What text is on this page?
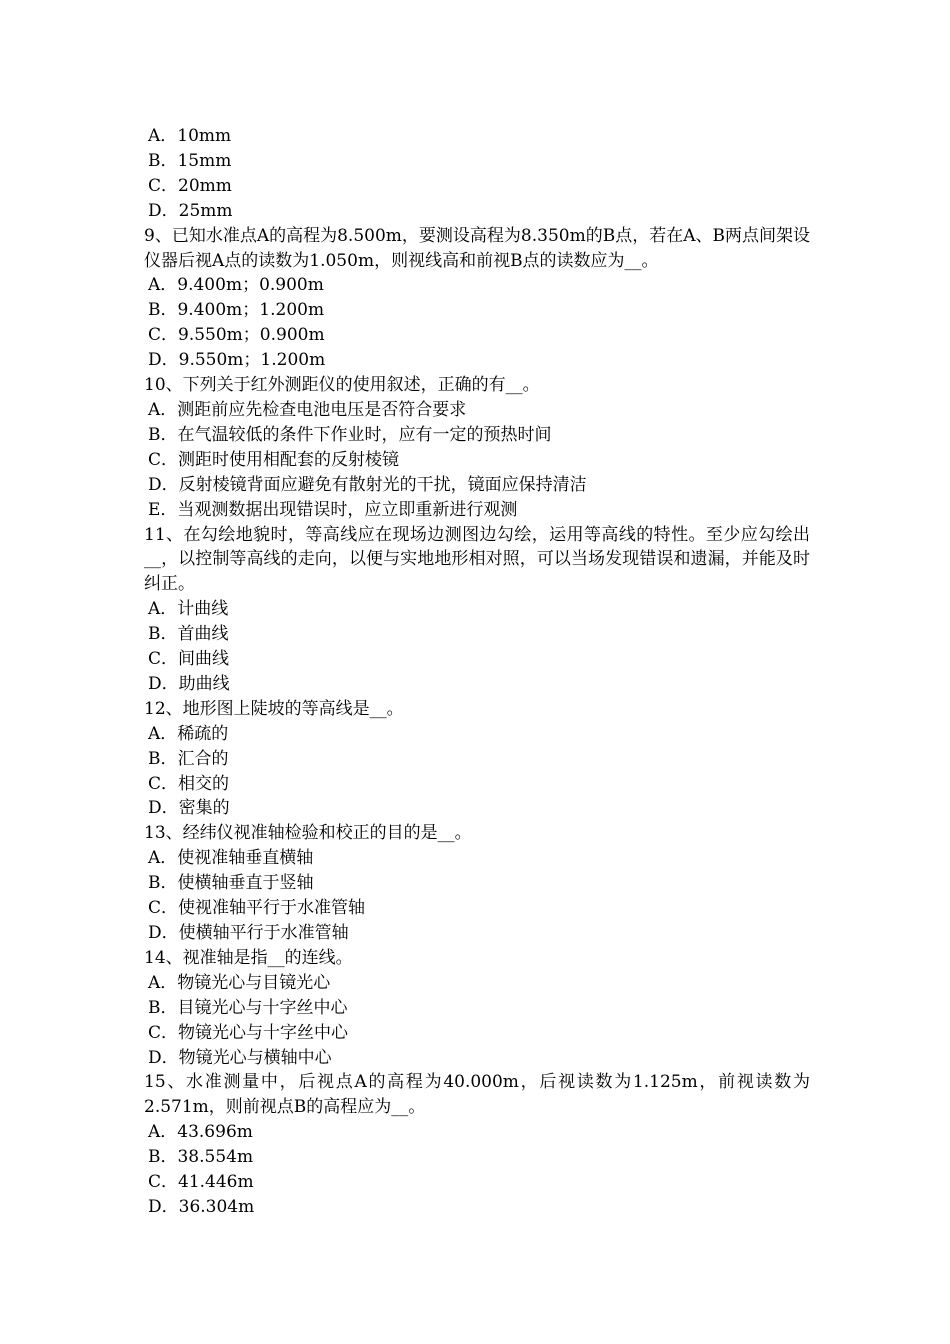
A．10mm

B．15mm

C．20mm

D．25mm

9、已知水准点A的高程为8.500m，要测设高程为8.350m的B点，若在A、B两点间架设仪器后视A点的读数为1.050m，则视线高和前视B点的读数应为__。

A．9.400m；0.900m

B．9.400m；1.200m

C．9.550m；0.900m

D．9.550m；1.200m

10、下列关于红外测距仪的使用叙述，正确的有__。

A．测距前应先检查电池电压是否符合要求

B．在气温较低的条件下作业时，应有一定的预热时间

C．测距时使用相配套的反射棱镜

D．反射棱镜背面应避免有散射光的干扰，镜面应保持清洁

E．当观测数据出现错误时，应立即重新进行观测

11、在勾绘地貌时，等高线应在现场边测图边勾绘，运用等高线的特性。至少应勾绘出__，以控制等高线的走向，以便与实地地形相对照，可以当场发现错误和遗漏，并能及时纠正。

A．计曲线

B．首曲线

C．间曲线

D．助曲线

12、地形图上陡坡的等高线是__。

A．稀疏的

B．汇合的

C．相交的

D．密集的

13、经纬仪视准轴检验和校正的目的是__。

A．使视准轴垂直横轴

B．使横轴垂直于竖轴

C．使视准轴平行于水准管轴

D．使横轴平行于水准管轴

14、视准轴是指__的连线。

A．物镜光心与目镜光心

B．目镜光心与十字丝中心

C．物镜光心与十字丝中心

D．物镜光心与横轴中心

15、水准测量中，后视点A的高程为40.000m，后视读数为1.125m，前视读数为2.571m，则前视点B的高程应为__。

A．43.696m

B．38.554m

C．41.446m

D．36.304m
